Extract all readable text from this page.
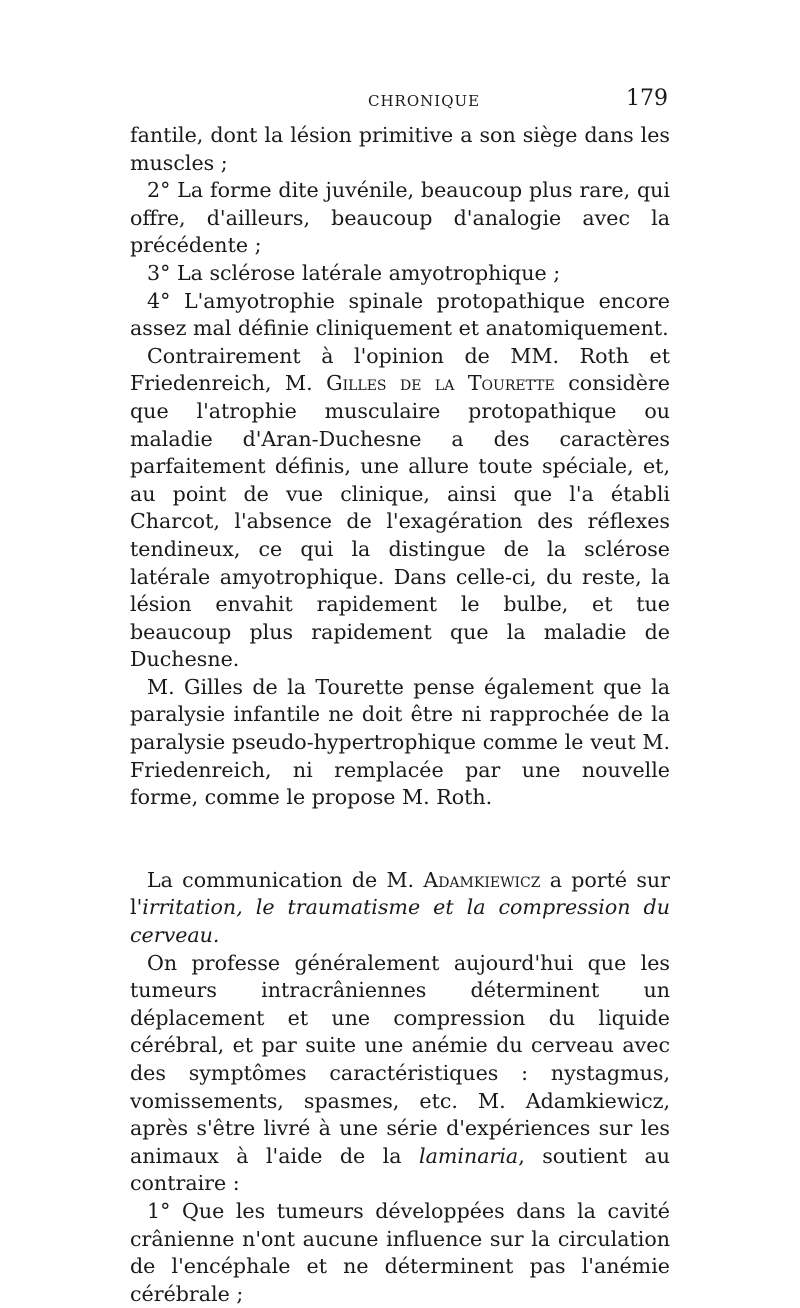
CHRONIQUE	179

fantile, dont la lésion primitive a son siège dans les muscles ;

2° La forme dite juvénile, beaucoup plus rare, qui offre, d'ailleurs, beaucoup d'analogie avec la précédente ;

3° La sclérose latérale amyotrophique ;

4° L'amyotrophie spinale protopathique encore assez mal définie cliniquement et anatomiquement.

Contrairement à l'opinion de MM. Roth et Friedenreich, M. Gilles de la Tourette considère que l'atrophie musculaire protopathique ou maladie d'Aran-Duchesne a des caractères parfaitement définis, une allure toute spéciale, et, au point de vue clinique, ainsi que l'a établi Charcot, l'absence de l'exagération des réflexes tendineux, ce qui la distingue de la sclérose latérale amyotrophique. Dans celle-ci, du reste, la lésion envahit rapidement le bulbe, et tue beaucoup plus rapidement que la maladie de Duchesne.

M. Gilles de la Tourette pense également que la paralysie infantile ne doit être ni rapprochée de la paralysie pseudo-hypertrophique comme le veut M. Friedenreich, ni remplacée par une nouvelle forme, comme le propose M. Roth.

La communication de M. Adamkiewicz a porté sur l'irritation, le traumatisme et la compression du cerveau.

On professe généralement aujourd'hui que les tumeurs intracrâniennes déterminent un déplacement et une compression du liquide cérébral, et par suite une anémie du cerveau avec des symptômes caractéristiques : nystagmus, vomissements, spasmes, etc. M. Adamkiewicz, après s'être livré à une série d'expériences sur les animaux à l'aide de la laminaria, soutient au contraire :

1° Que les tumeurs développées dans la cavité crânienne n'ont aucune influence sur la circulation de l'encéphale et ne déterminent pas l'anémie cérébrale ;
